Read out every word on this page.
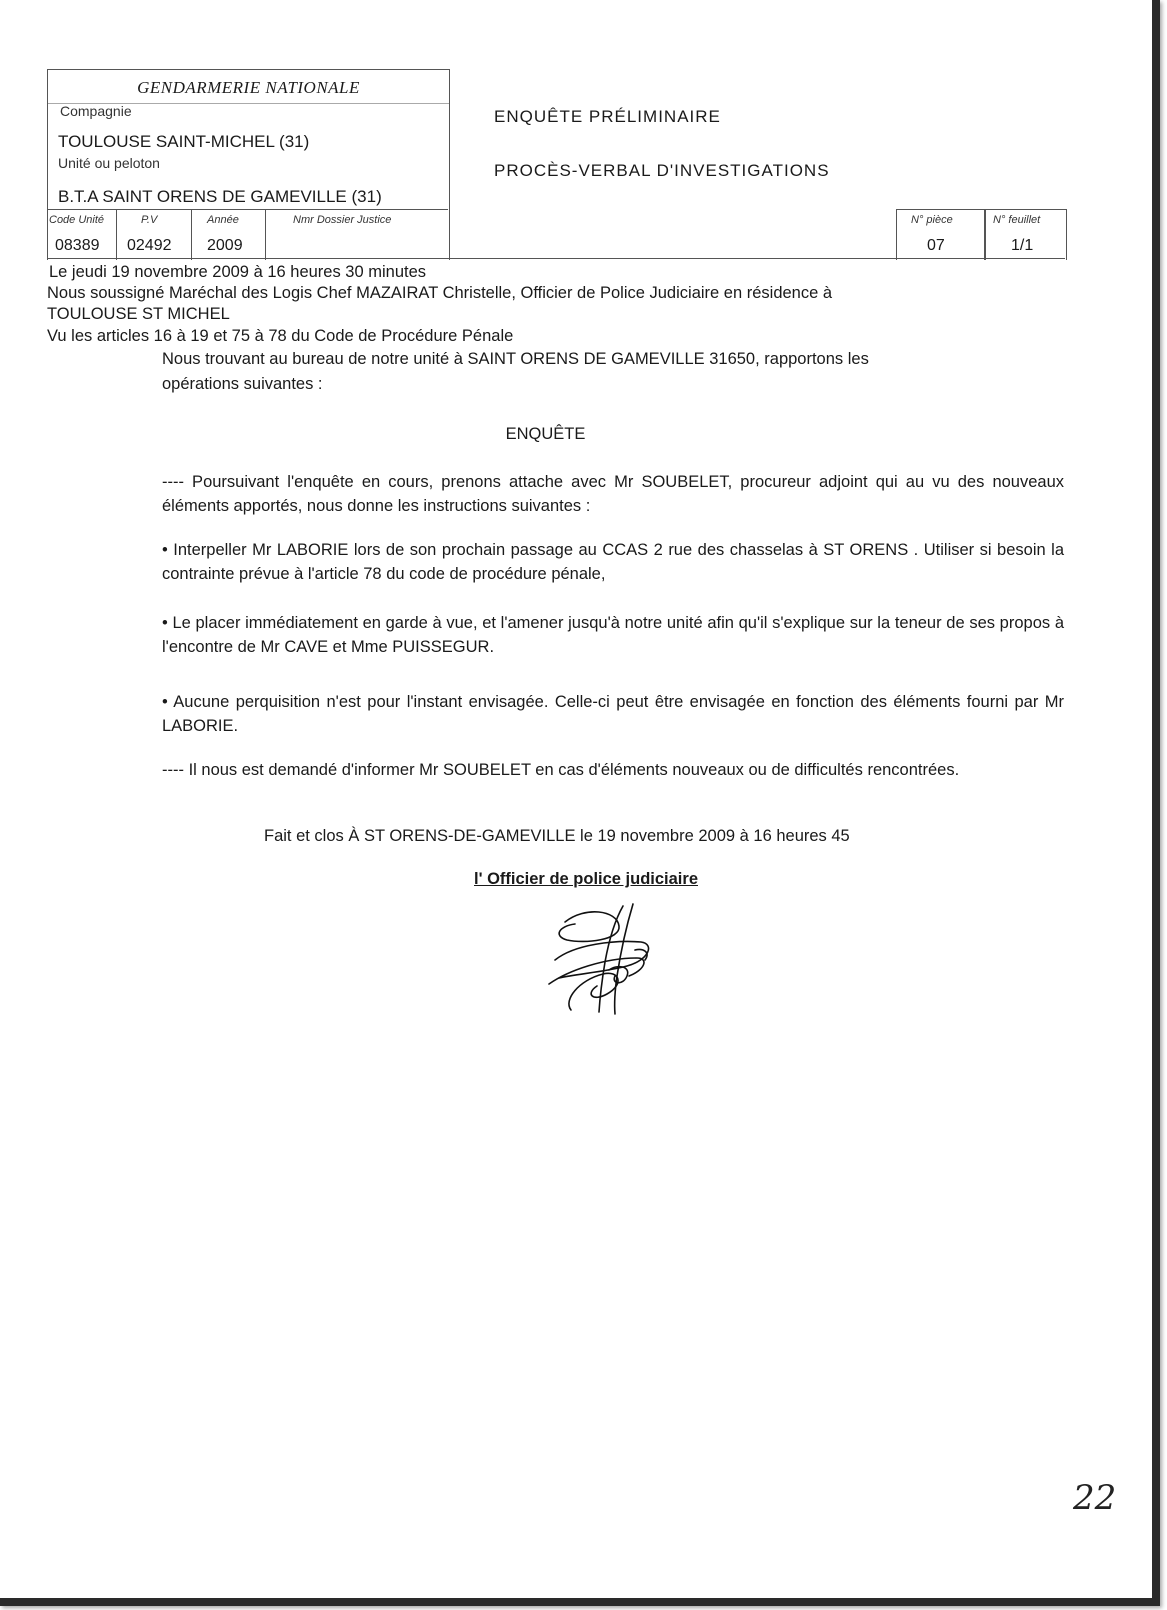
GENDARMERIE NATIONALE
Compagnie
TOULOUSE SAINT-MICHEL (31)
Unité ou peloton
B.T.A SAINT ORENS DE GAMEVILLE (31)
Code Unité
08389
P.V
02492
Année
2009
Nmr Dossier Justice
ENQUÊTE PRÉLIMINAIRE
PROCÈS-VERBAL D'INVESTIGATIONS
N° pièce
07
N° feuillet
1/1
Le jeudi 19 novembre 2009 à 16 heures 30 minutes
Nous soussigné Maréchal des Logis Chef MAZAIRAT Christelle, Officier de Police Judiciaire en résidence à
TOULOUSE ST MICHEL
Vu les articles 16 à 19 et 75 à 78 du Code de Procédure Pénale
Nous trouvant au bureau de notre unité à SAINT ORENS DE GAMEVILLE 31650, rapportons les
opérations suivantes :
ENQUÊTE
---- Poursuivant l'enquête en cours, prenons attache avec Mr SOUBELET, procureur adjoint qui au vu des nouveaux éléments apportés, nous donne les instructions suivantes :
• Interpeller Mr LABORIE lors de son prochain passage au CCAS 2 rue des chasselas à ST ORENS . Utiliser si besoin la contrainte prévue à l'article 78 du code de procédure pénale,
• Le placer immédiatement en garde à vue, et l'amener jusqu'à notre unité afin qu'il s'explique sur la teneur de ses propos à l'encontre de Mr CAVE et Mme PUISSEGUR.
• Aucune perquisition n'est pour l'instant envisagée. Celle-ci peut être envisagée en fonction des éléments fourni par Mr LABORIE.
---- Il nous est demandé d'informer Mr SOUBELET en cas d'éléments nouveaux ou de difficultés rencontrées.
Fait et clos À ST ORENS-DE-GAMEVILLE le 19 novembre 2009 à 16 heures 45
l' Officier de police judiciaire
22
